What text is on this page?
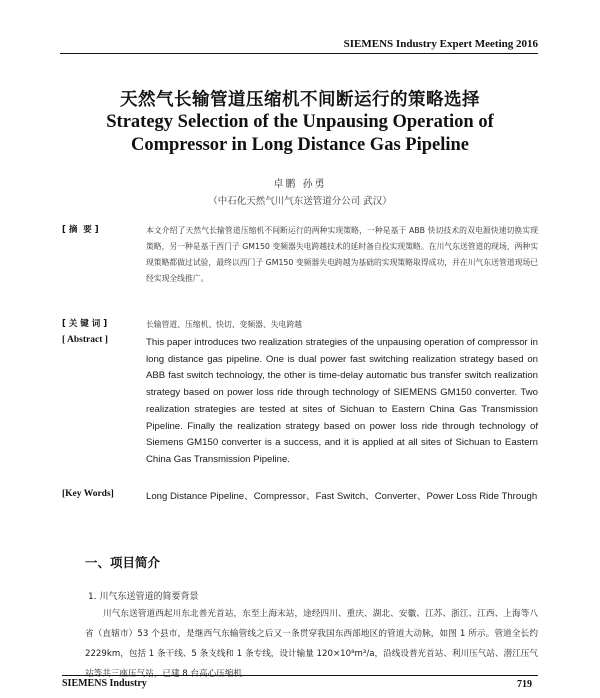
SIEMENS Industry Expert Meeting 2016
天然气长输管道压缩机不间断运行的策略选择
Strategy Selection of the Unpausing Operation of
Compressor in Long Distance Gas Pipeline
卓鹏 孙勇
（中石化天然气川气东送管道分公司 武汉）
[ 摘  要 ]	本文介绍了天然气长输管道压缩机不间断运行的两种实现策略，一种是基于 ABB 快切技术的双电源快速切换实现策略，另一种是基于西门子 GM150 变频器失电跨越技术的延时备自投实现策略。在川气东送管道的现场，两种实现策略都做过试验，最终以西门子 GM150 变频器失电跨越为基础的实现策略取得成功，并在川气东送管道现场已经实现全线推广。
[ 关 键 词 ]	长输管道、压缩机、快切、变频器、失电跨越
[ Abstract ]	This paper introduces two realization strategies of the unpausing operation of compressor in long distance gas pipeline. One is dual power fast switching realization strategy based on ABB fast switch technology, the other is time-delay automatic bus transfer switch realization strategy based on power loss ride through technology of SIEMENS GM150 converter. Two realization strategies are tested at sites of Sichuan to Eastern China Gas Transmission Pipeline. Finally the realization strategy based on power loss ride through technology of Siemens GM150 converter is a success, and it is applied at all sites of Sichuan to Eastern China Gas Transmission Pipeline.
[Key Words]	Long Distance Pipeline、Compressor、Fast Switch、Converter、Power Loss Ride Through
一、项目简介
1. 川气东送管道的简要背景
川气东送管道西起川东北普光首站，东至上海末站，途经四川、重庆、湖北、安徽、江苏、浙江、江西、上海等八省（直辖市）53 个县市，是继西气东输管线之后又一条贯穿我国东西部地区的管道大动脉，如图 1 所示。管道全长约 2229km，包括 1 条干线、5 条支线和 1 条专线，设计输量 120×10⁸m³/a，沿线设普光首站、利川压气站、潜江压气站等共三座压气站，已建 8 台高心压缩机
SIEMENS Industry	719
